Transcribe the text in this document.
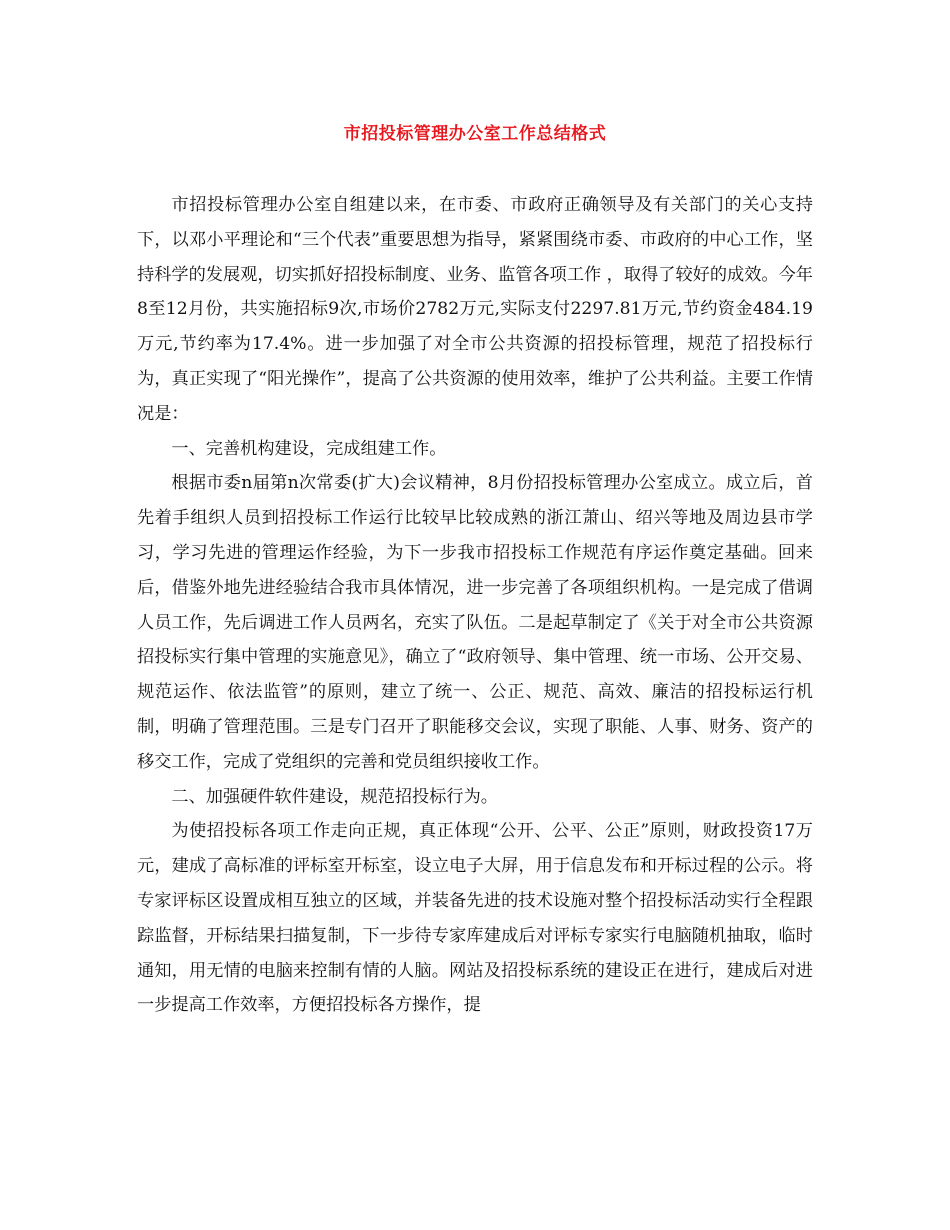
市招投标管理办公室工作总结格式

市招投标管理办公室自组建以来，在市委、市政府正确领导及有关部门的关心支持下，以邓小平理论和“三个代表”重要思想为指导，紧紧围绕市委、市政府的中心工作，坚持科学的发展观，切实抓好招投标制度、业务、监管各项工作 ，取得了较好的成效。今年8至12月份，共实施招标9次,市场价2782万元,实际支付2297.81万元,节约资金484.19万元,节约率为17.4%。进一步加强了对全市公共资源的招投标管理，规范了招投标行为，真正实现了“阳光操作”，提高了公共资源的使用效率，维护了公共利益。主要工作情况是：

一、完善机构建设，完成组建工作。

根据市委n届第n次常委(扩大)会议精神，8月份招投标管理办公室成立。成立后，首先着手组织人员到招投标工作运行比较早比较成熟的浙江萧山、绍兴等地及周边县市学习，学习先进的管理运作经验，为下一步我市招投标工作规范有序运作奠定基础。回来后，借鉴外地先进经验结合我市具体情况，进一步完善了各项组织机构。一是完成了借调人员工作，先后调进工作人员两名，充实了队伍。二是起草制定了《关于对全市公共资源招投标实行集中管理的实施意见》，确立了“政府领导、集中管理、统一市场、公开交易、规范运作、依法监管”的原则，建立了统一、公正、规范、高效、廉洁的招投标运行机制，明确了管理范围。三是专门召开了职能移交会议，实现了职能、人事、财务、资产的移交工作，完成了党组织的完善和党员组织接收工作。

二、加强硬件软件建设，规范招投标行为。

为使招投标各项工作走向正规，真正体现“公开、公平、公正”原则，财政投资17万元，建成了高标准的评标室开标室，设立电子大屏，用于信息发布和开标过程的公示。将专家评标区设置成相互独立的区域，并装备先进的技术设施对整个招投标活动实行全程跟踪监督，开标结果扫描复制，下一步待专家库建成后对评标专家实行电脑随机抽取，临时通知，用无情的电脑来控制有情的人脑。网站及招投标系统的建设正在进行，建成后对进一步提高工作效率，方便招投标各方操作，提
